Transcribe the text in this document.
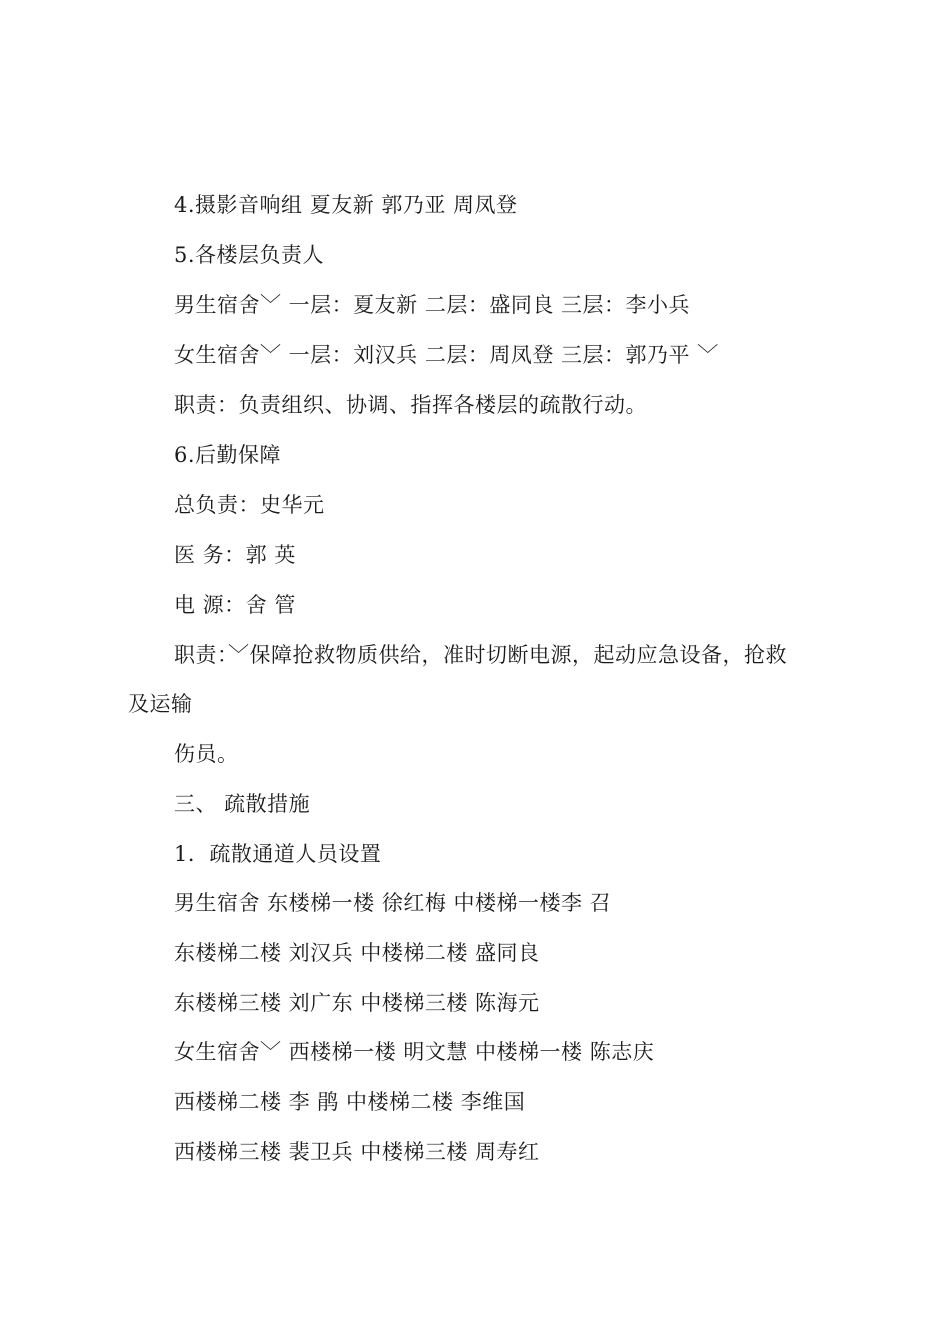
4.摄影音响组 夏友新 郭乃亚 周凤登
5.各楼层负责人
男生宿舍﹀ 一层：夏友新 二层：盛同良 三层：李小兵
女生宿舍﹀ 一层：刘汉兵 二层：周凤登 三层：郭乃平 ﹀
职责：负责组织、协调、指挥各楼层的疏散行动。
6.后勤保障
总负责：史华元
医 务：郭 英
电 源：舍 管
职责：﹀保障抢救物质供给，准时切断电源，起动应急设备，抢救
及运输
伤员。
三、 疏散措施
1．疏散通道人员设置
男生宿舍 东楼梯一楼 徐红梅 中楼梯一楼李 召
东楼梯二楼 刘汉兵 中楼梯二楼 盛同良
东楼梯三楼 刘广东 中楼梯三楼 陈海元
女生宿舍﹀ 西楼梯一楼 明文慧 中楼梯一楼 陈志庆
西楼梯二楼 李 鹃 中楼梯二楼 李维国
西楼梯三楼 裴卫兵 中楼梯三楼 周寿红
